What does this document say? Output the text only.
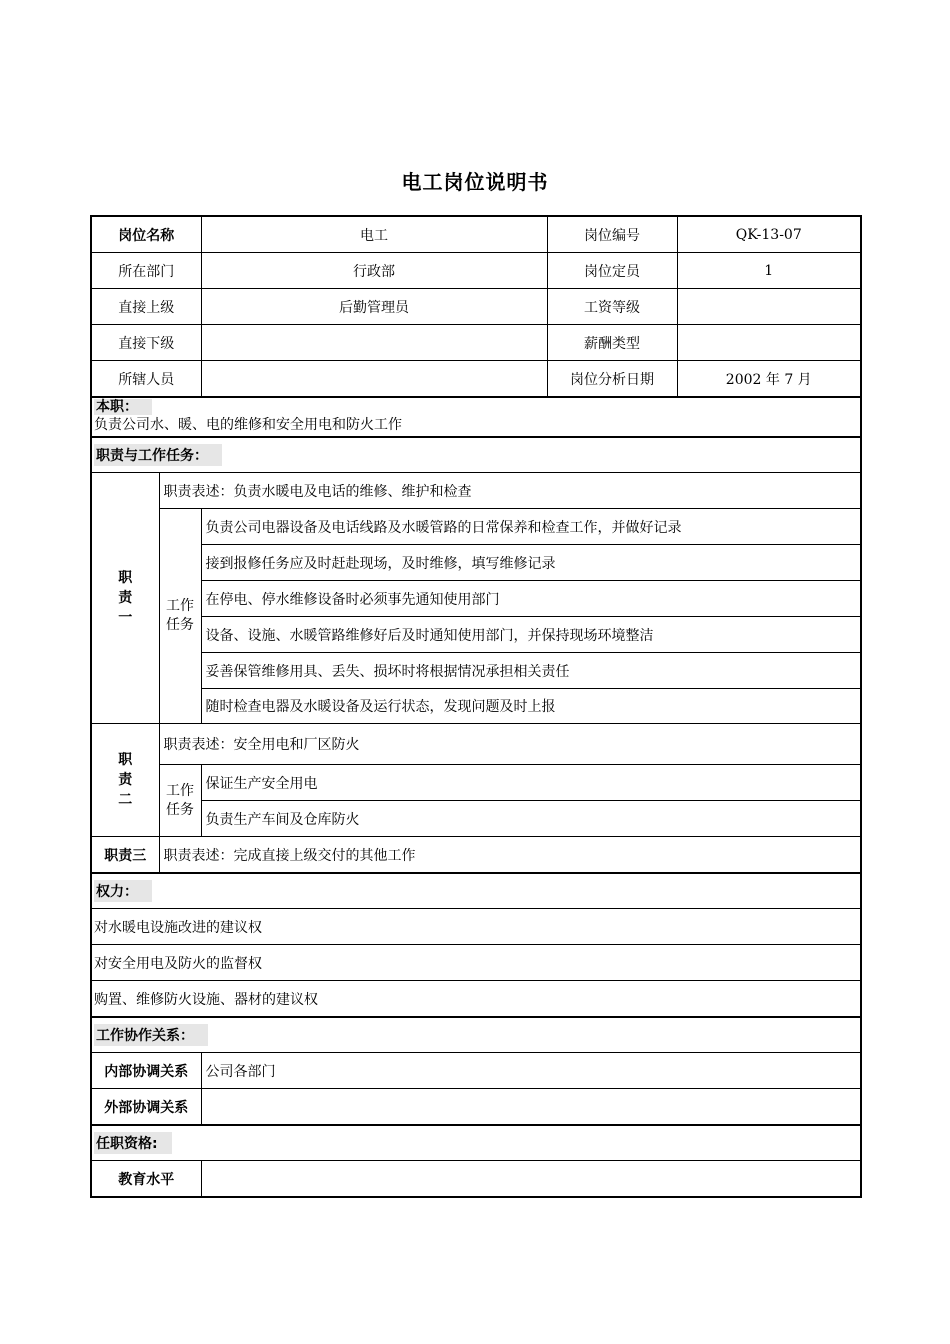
电工岗位说明书
岗位名称		电工	岗位编号	QK-13-07
所在部门		行政部	岗位定员	1
直接上级		后勤管理员	工资等级	
直接下级			薪酬类型	
所辖人员			岗位分析日期	2002 年 7 月
本职：
负责公司水、暖、电的维修和安全用电和防火工作				
职责与工作任务：				
职
责
一	职责表述：负责水暖电及电话的维修、维护和检查			
	工作
任务	负责公司电器设备及电话线路及水暖管路的日常保养和检查工作，并做好记录		
		接到报修任务应及时赶赴现场，及时维修，填写维修记录		
		在停电、停水维修设备时必须事先通知使用部门		
		设备、设施、水暖管路维修好后及时通知使用部门，并保持现场环境整洁		
		妥善保管维修用具、丢失、损坏时将根据情况承担相关责任		
		随时检查电器及水暖设备及运行状态，发现问题及时上报		
职
责
二	职责表述：安全用电和厂区防火			
	工作
任务	保证生产安全用电		
		负责生产车间及仓库防火		
职责三	职责表述：完成直接上级交付的其他工作			
权力：				
对水暖电设施改进的建议权				
对安全用电及防火的监督权				
购置、维修防火设施、器材的建议权				
工作协作关系：				
内部协调关系		公司各部门		
外部协调关系				
任职资格:				
教育水平				
